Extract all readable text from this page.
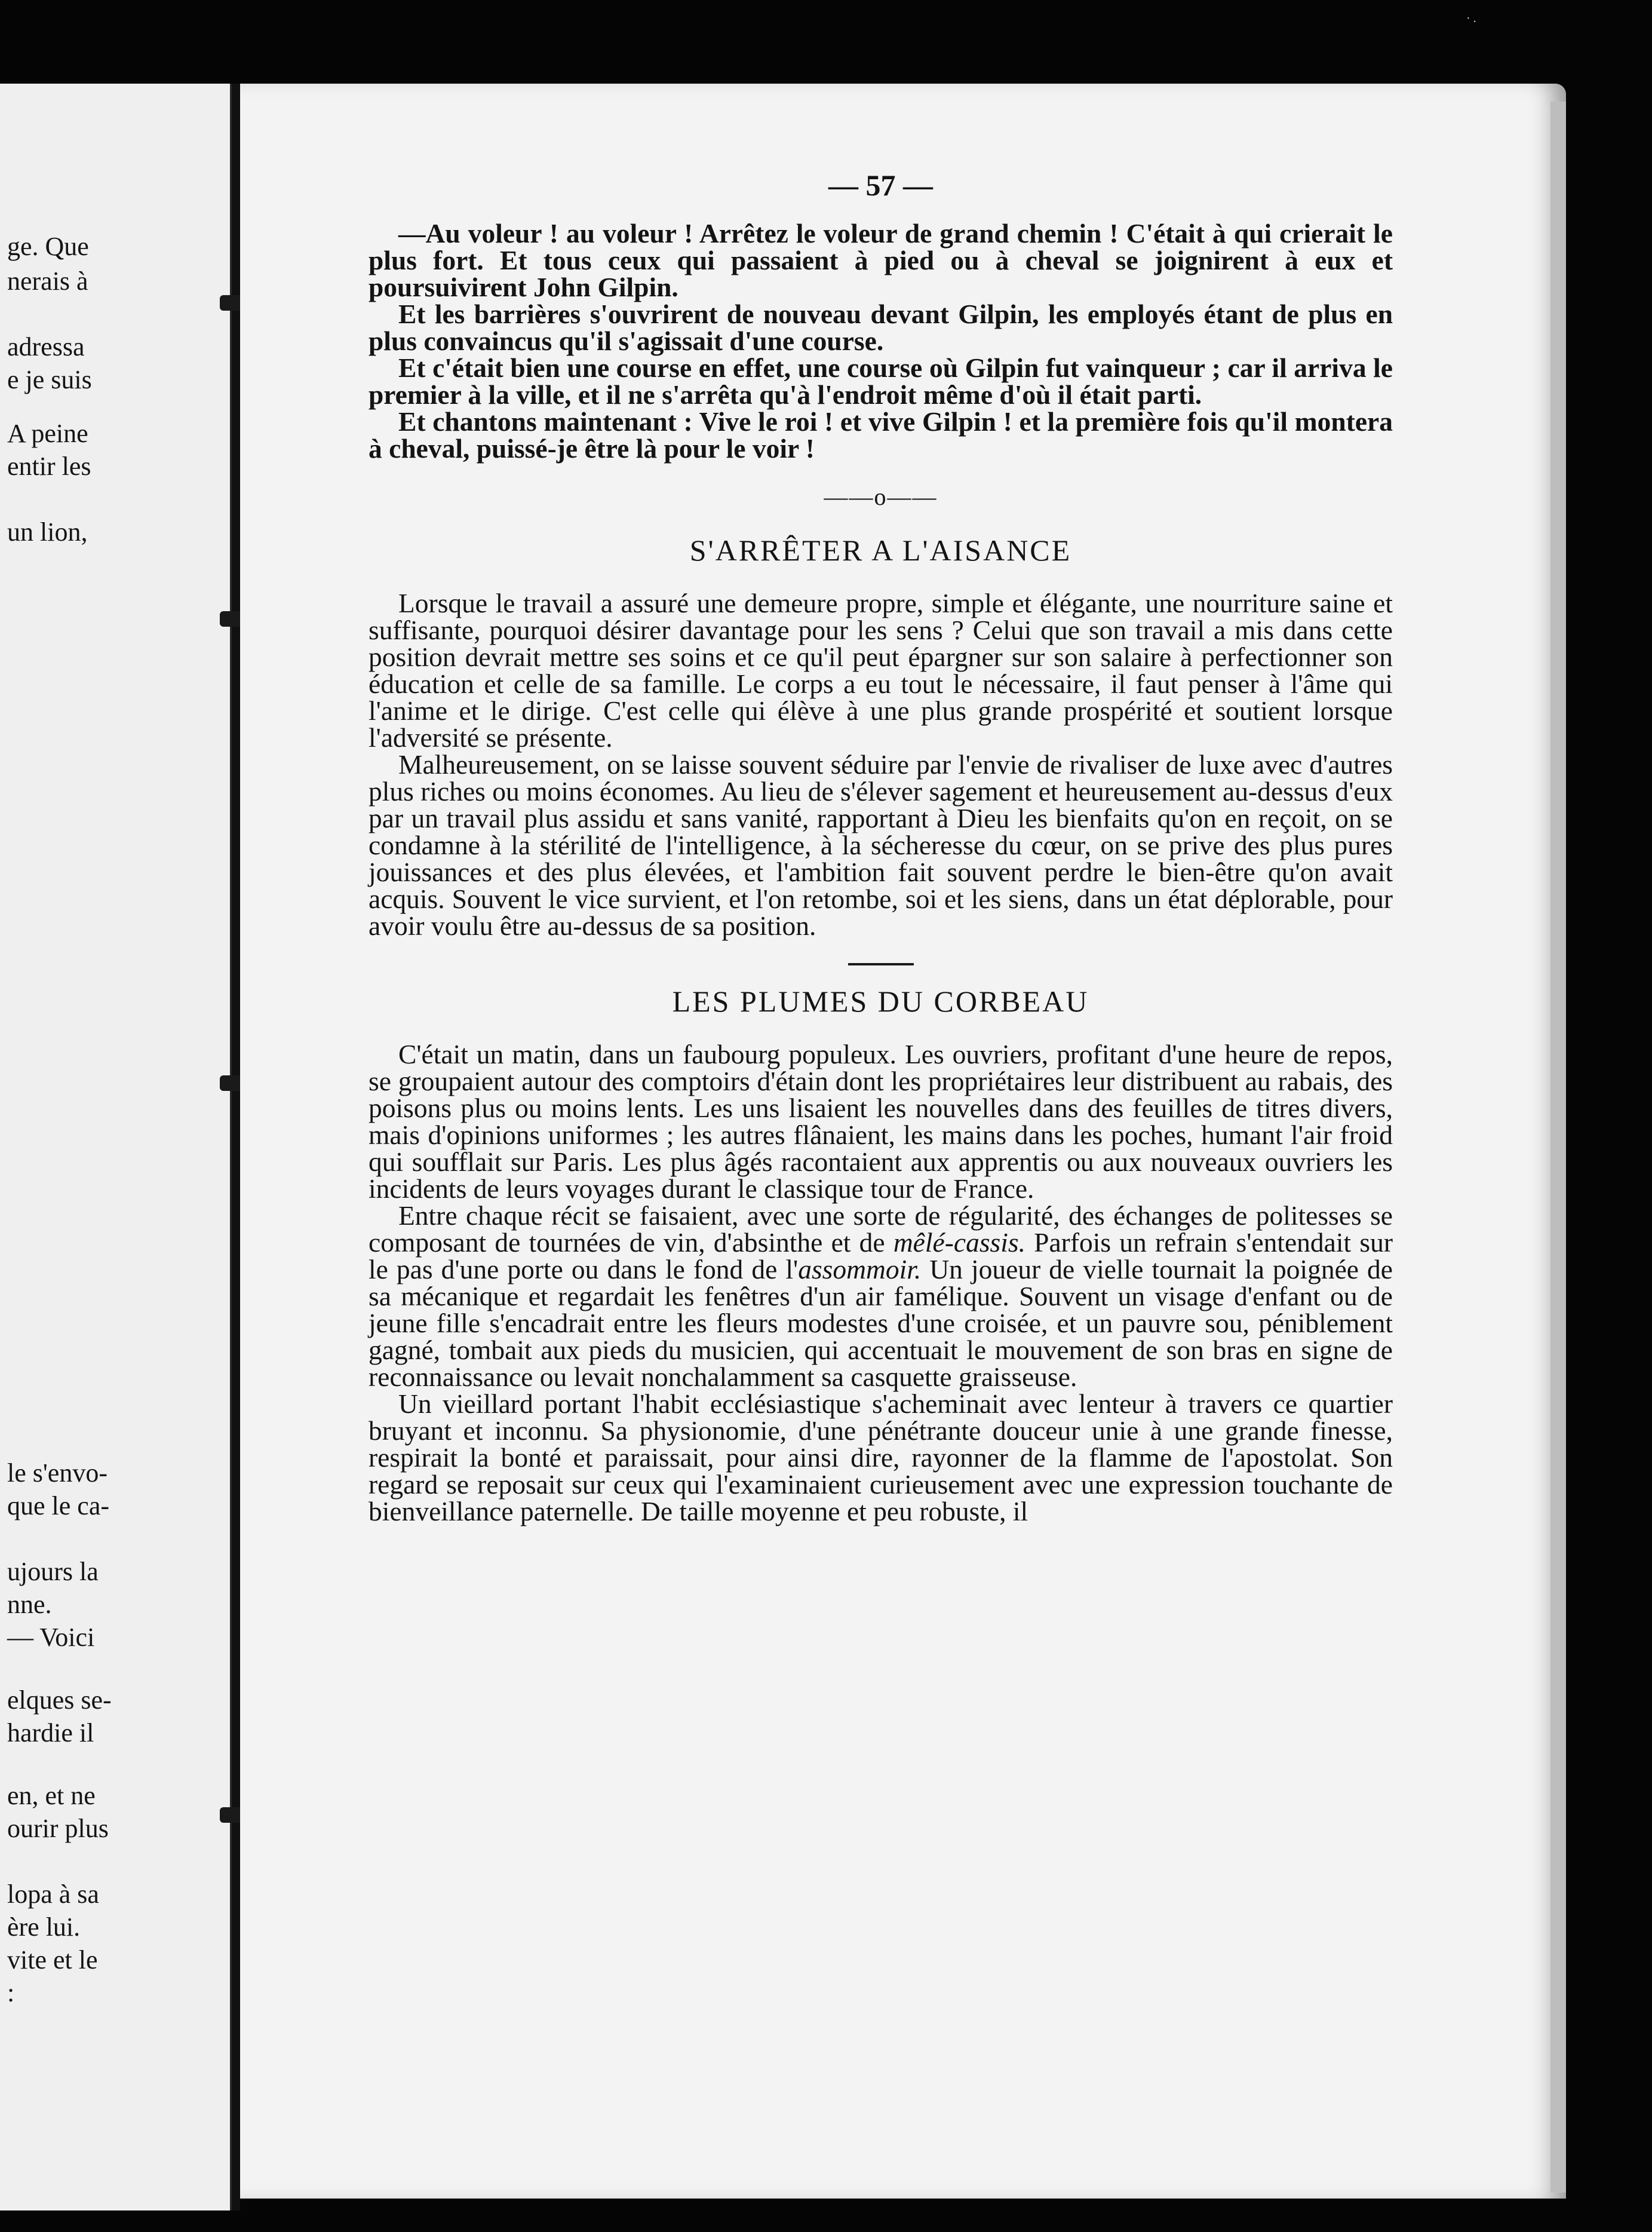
· .
ge. Que
nerais à
adressa
e je suis
A peine
entir les
un lion,
le s'envo-
que le ca-
ujours la
nne.
— Voici
elques se-
hardie il
en, et ne
ourir plus
lopa à sa
ère lui.
vite et le
:
— 57 —

—Au voleur ! au voleur ! Arrêtez le voleur de grand chemin ! C'était à qui crierait le plus fort. Et tous ceux qui passaient à pied ou à cheval se joignirent à eux et poursuivirent John Gilpin.

Et les barrières s'ouvrirent de nouveau devant Gilpin, les employés étant de plus en plus convaincus qu'il s'agissait d'une course.

Et c'était bien une course en effet, une course où Gilpin fut vainqueur ; car il arriva le premier à la ville, et il ne s'arrêta qu'à l'endroit même d'où il était parti.

Et chantons maintenant : Vive le roi ! et vive Gilpin ! et la première fois qu'il montera à cheval, puissé-je être là pour le voir !

——o——
S'ARRÊTER A L'AISANCE

Lorsque le travail a assuré une demeure propre, simple et élégante, une nourriture saine et suffisante, pourquoi désirer davantage pour les sens ? Celui que son travail a mis dans cette position devrait mettre ses soins et ce qu'il peut épargner sur son salaire à perfectionner son éducation et celle de sa famille. Le corps a eu tout le nécessaire, il faut penser à l'âme qui l'anime et le dirige. C'est celle qui élève à une plus grande prospérité et soutient lorsque l'adversité se présente.

Malheureusement, on se laisse souvent séduire par l'envie de rivaliser de luxe avec d'autres plus riches ou moins économes. Au lieu de s'élever sagement et heureusement au-dessus d'eux par un travail plus assidu et sans vanité, rapportant à Dieu les bienfaits qu'on en reçoit, on se condamne à la stérilité de l'intelligence, à la sécheresse du cœur, on se prive des plus pures jouissances et des plus élevées, et l'ambition fait souvent perdre le bien-être qu'on avait acquis. Souvent le vice survient, et l'on retombe, soi et les siens, dans un état déplorable, pour avoir voulu être au-dessus de sa position.

LES PLUMES DU CORBEAU

C'était un matin, dans un faubourg populeux. Les ouvriers, profitant d'une heure de repos, se groupaient autour des comptoirs d'étain dont les propriétaires leur distribuent au rabais, des poisons plus ou moins lents. Les uns lisaient les nouvelles dans des feuilles de titres divers, mais d'opinions uniformes ; les autres flânaient, les mains dans les poches, humant l'air froid qui soufflait sur Paris. Les plus âgés racontaient aux apprentis ou aux nouveaux ouvriers les incidents de leurs voyages durant le classique tour de France.

Entre chaque récit se faisaient, avec une sorte de régularité, des échanges de politesses se composant de tournées de vin, d'absinthe et de mêlé-cassis. Parfois un refrain s'entendait sur le pas d'une porte ou dans le fond de l'assommoir. Un joueur de vielle tournait la poignée de sa mécanique et regardait les fenêtres d'un air famélique. Souvent un visage d'enfant ou de jeune fille s'encadrait entre les fleurs modestes d'une croisée, et un pauvre sou, péniblement gagné, tombait aux pieds du musicien, qui accentuait le mouvement de son bras en signe de reconnaissance ou levait nonchalamment sa casquette graisseuse.

Un vieillard portant l'habit ecclésiastique s'acheminait avec lenteur à travers ce quartier bruyant et inconnu. Sa physionomie, d'une pénétrante douceur unie à une grande finesse, respirait la bonté et paraissait, pour ainsi dire, rayonner de la flamme de l'apostolat. Son regard se reposait sur ceux qui l'examinaient curieusement avec une expression touchante de bienveillance paternelle. De taille moyenne et peu robuste, il
